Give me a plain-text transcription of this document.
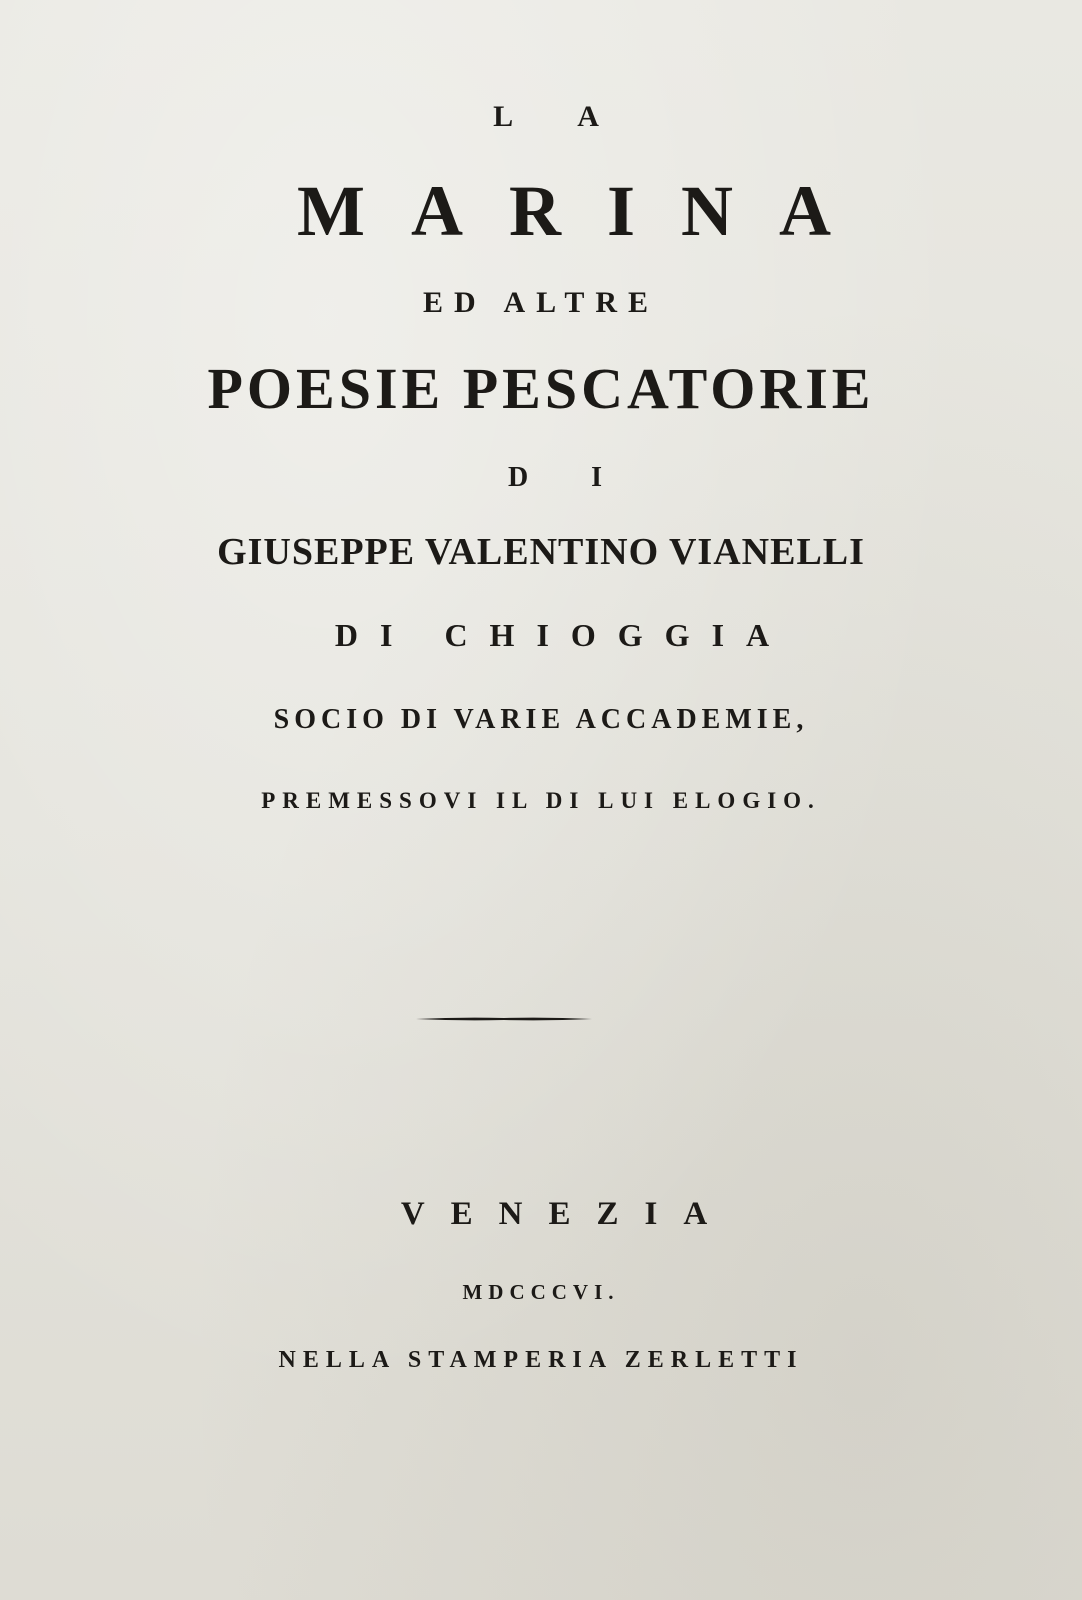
L A
MARINA
ED ALTRE
POESIE PESCATORIE
D I
GIUSEPPE VALENTINO VIANELLI
DI CHIOGGIA
SOCIO DI VARIE ACCADEMIE,
PREMESSOVI IL DI LUI ELOGIO.
VENEZIA
MDCCCVI.
NELLA STAMPERIA ZERLETTI
